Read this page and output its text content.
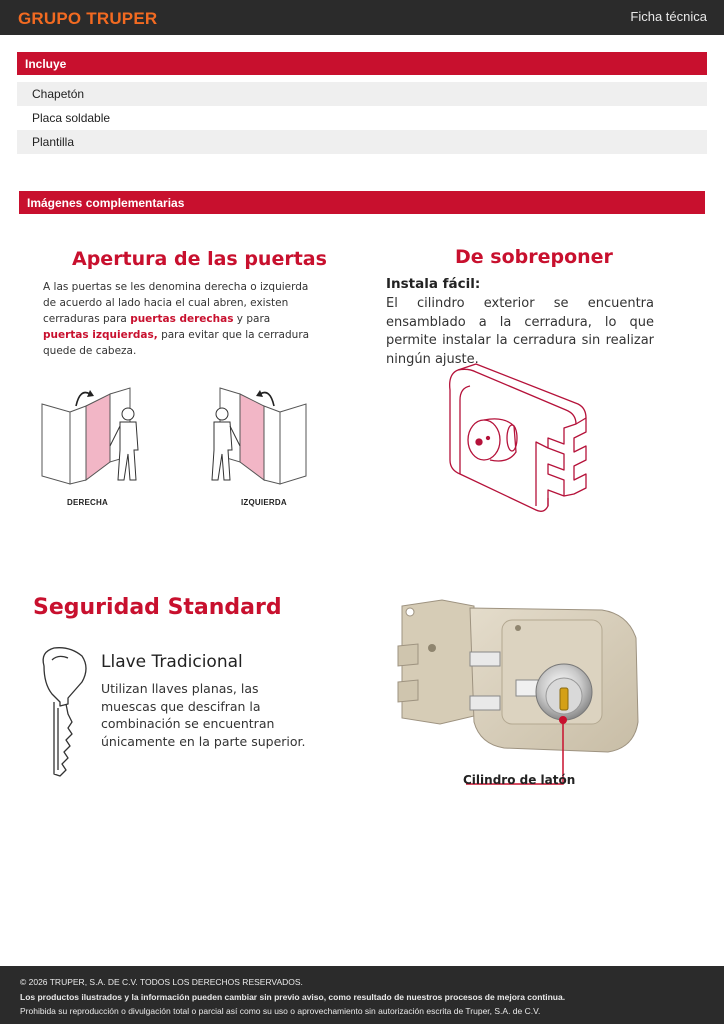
GRUPO TRUPER	Ficha técnica
Incluye
Chapetón
Placa soldable
Plantilla
Imágenes complementarias
Apertura de las puertas
A las puertas se les denomina derecha o izquierda de acuerdo al lado hacia el cual abren, existen cerraduras para puertas derechas y para puertas izquierdas, para evitar que la cerradura quede de cabeza.
DERECHA	IZQUIERDA
De sobreponer
Instala fácil:
El cilindro exterior se encuentra ensamblado a la cerradura, lo que permite instalar la cerradura sin realizar ningún ajuste.
Seguridad Standard
Llave Tradicional
Utilizan llaves planas, las muescas que descifran la combinación se encuentran únicamente en la parte superior.
Cilindro de latón
© 2026 TRUPER, S.A. DE C.V. TODOS LOS DERECHOS RESERVADOS.
Los productos ilustrados y la información pueden cambiar sin previo aviso, como resultado de nuestros procesos de mejora continua.
Prohibida su reproducción o divulgación total o parcial así como su uso o aprovechamiento sin autorización escrita de Truper, S.A. de C.V.
